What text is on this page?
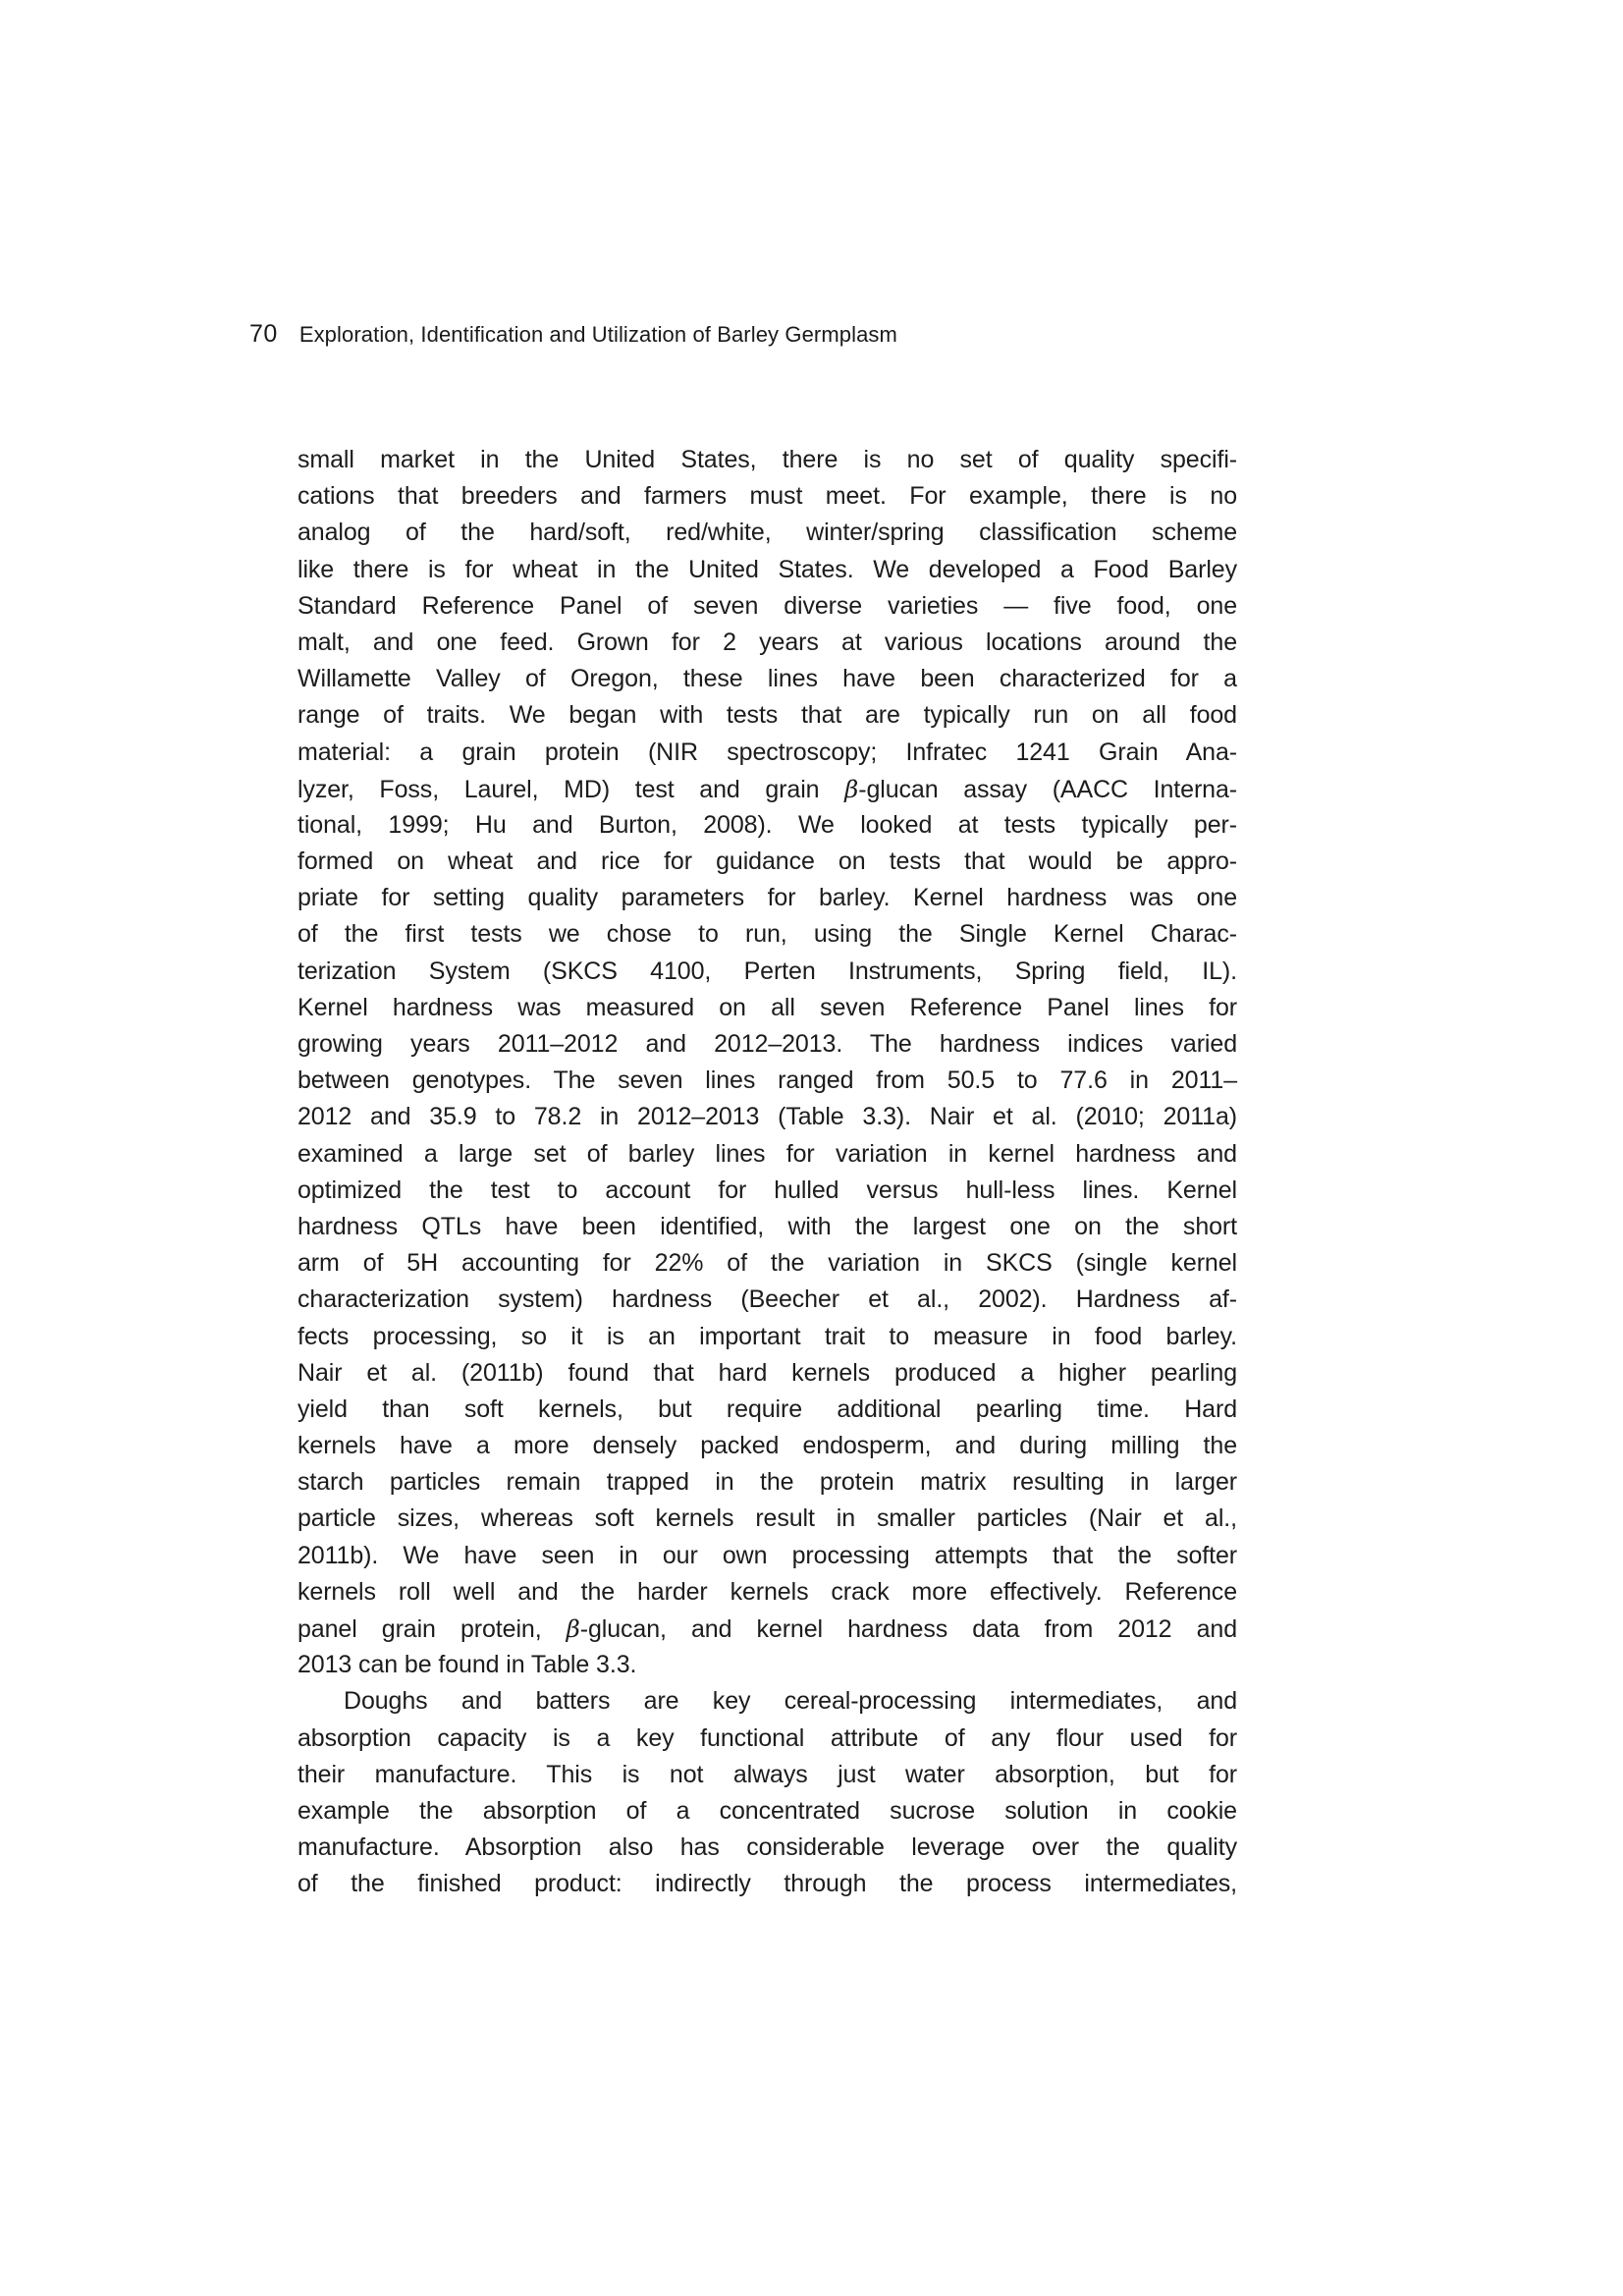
70 Exploration, Identification and Utilization of Barley Germplasm
small market in the United States, there is no set of quality specifi-
cations that breeders and farmers must meet. For example, there is no
analog of the hard/soft, red/white, winter/spring classification scheme
like there is for wheat in the United States. We developed a Food Barley
Standard Reference Panel of seven diverse varieties — five food, one
malt, and one feed. Grown for 2 years at various locations around the
Willamette Valley of Oregon, these lines have been characterized for a
range of traits. We began with tests that are typically run on all food
material: a grain protein (NIR spectroscopy; Infratec 1241 Grain Ana-
lyzer, Foss, Laurel, MD) test and grain β-glucan assay (AACC Interna-
tional, 1999; Hu and Burton, 2008). We looked at tests typically per-
formed on wheat and rice for guidance on tests that would be appro-
priate for setting quality parameters for barley. Kernel hardness was one
of the first tests we chose to run, using the Single Kernel Charac-
terization System (SKCS 4100, Perten Instruments, Spring field, IL).
Kernel hardness was measured on all seven Reference Panel lines for
growing years 2011–2012 and 2012–2013. The hardness indices varied
between genotypes. The seven lines ranged from 50.5 to 77.6 in 2011–
2012 and 35.9 to 78.2 in 2012–2013 (Table 3.3). Nair et al. (2010; 2011a)
examined a large set of barley lines for variation in kernel hardness and
optimized the test to account for hulled versus hull-less lines. Kernel
hardness QTLs have been identified, with the largest one on the short
arm of 5H accounting for 22% of the variation in SKCS (single kernel
characterization system) hardness (Beecher et al., 2002). Hardness af-
fects processing, so it is an important trait to measure in food barley.
Nair et al. (2011b) found that hard kernels produced a higher pearling
yield than soft kernels, but require additional pearling time. Hard
kernels have a more densely packed endosperm, and during milling the
starch particles remain trapped in the protein matrix resulting in larger
particle sizes, whereas soft kernels result in smaller particles (Nair et al.,
2011b). We have seen in our own processing attempts that the softer
kernels roll well and the harder kernels crack more effectively. Reference
panel grain protein, β-glucan, and kernel hardness data from 2012 and
2013 can be found in Table 3.3.
Doughs and batters are key cereal-processing intermediates, and
absorption capacity is a key functional attribute of any flour used for
their manufacture. This is not always just water absorption, but for
example the absorption of a concentrated sucrose solution in cookie
manufacture. Absorption also has considerable leverage over the quality
of the finished product: indirectly through the process intermediates,
